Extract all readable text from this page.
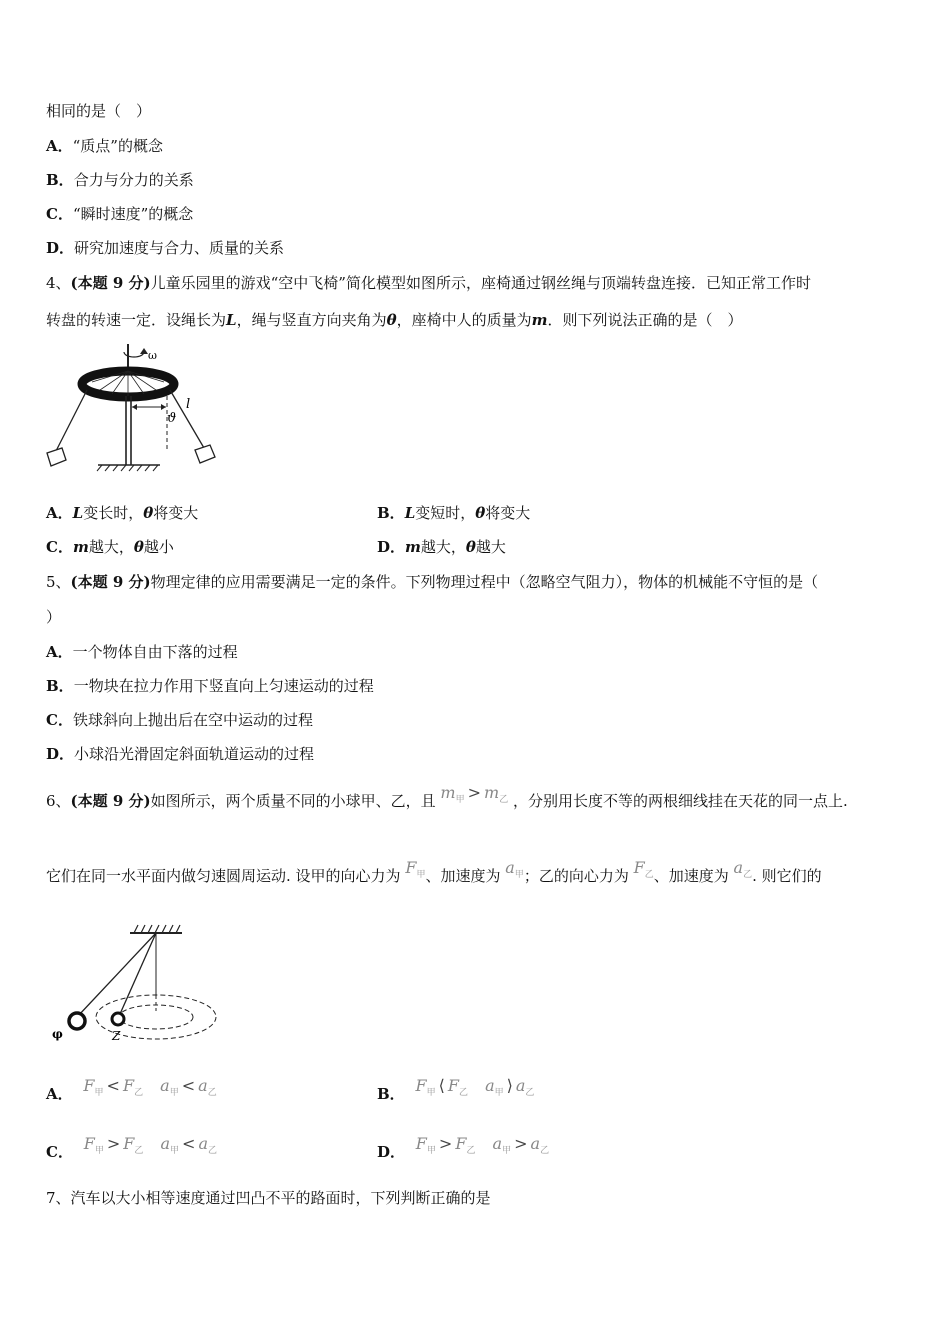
相同的是（　）
A．“质点”的概念
B．合力与分力的关系
C．“瞬时速度”的概念
D．研究加速度与合力、质量的关系
4、(本题 9 分)儿童乐园里的游戏“空中飞椅”简化模型如图所示，座椅通过钢丝绳与顶端转盘连接．已知正常工作时
转盘的转速一定．设绳长为L，绳与竖直方向夹角为θ，座椅中人的质量为m．则下列说法正确的是（　）
ω
ϑ
l
A．L变长时，θ将变大	B．L变短时，θ将变大
C．m越大，θ越小	D．m越大，θ越大
5、(本题 9 分)物理定律的应用需要满足一定的条件。下列物理过程中（忽略空气阻力），物体的机械能不守恒的是（
）
A．一个物体自由下落的过程
B．一物块在拉力作用下竖直向上匀速运动的过程
C．铁球斜向上抛出后在空中运动的过程
D．小球沿光滑固定斜面轨道运动的过程
6、(本题 9 分)如图所示，两个质量不同的小球甲、乙，且 $m_甲 > m_乙$ ，分别用长度不等的两根细线挂在天花的同一点上.
它们在同一水平面内做匀速圆周运动. 设甲的向心力为 $F_甲$、加速度为 $a_甲$；乙的向心力为 $F_乙$、加速度为 $a_乙$. 则它们的
φ	Z
A． $F_甲 < F_乙$ $a_甲 < a_乙$	B． $F_甲$ ⟨ $F_乙$ $a_甲$ ⟩ $a_乙$
C． $F_甲 > F_乙$ $a_甲 < a_乙$	D． $F_甲 > F_乙$ $a_甲 > a_乙$
7、汽车以大小相等速度通过凹凸不平的路面时，下列判断正确的是
